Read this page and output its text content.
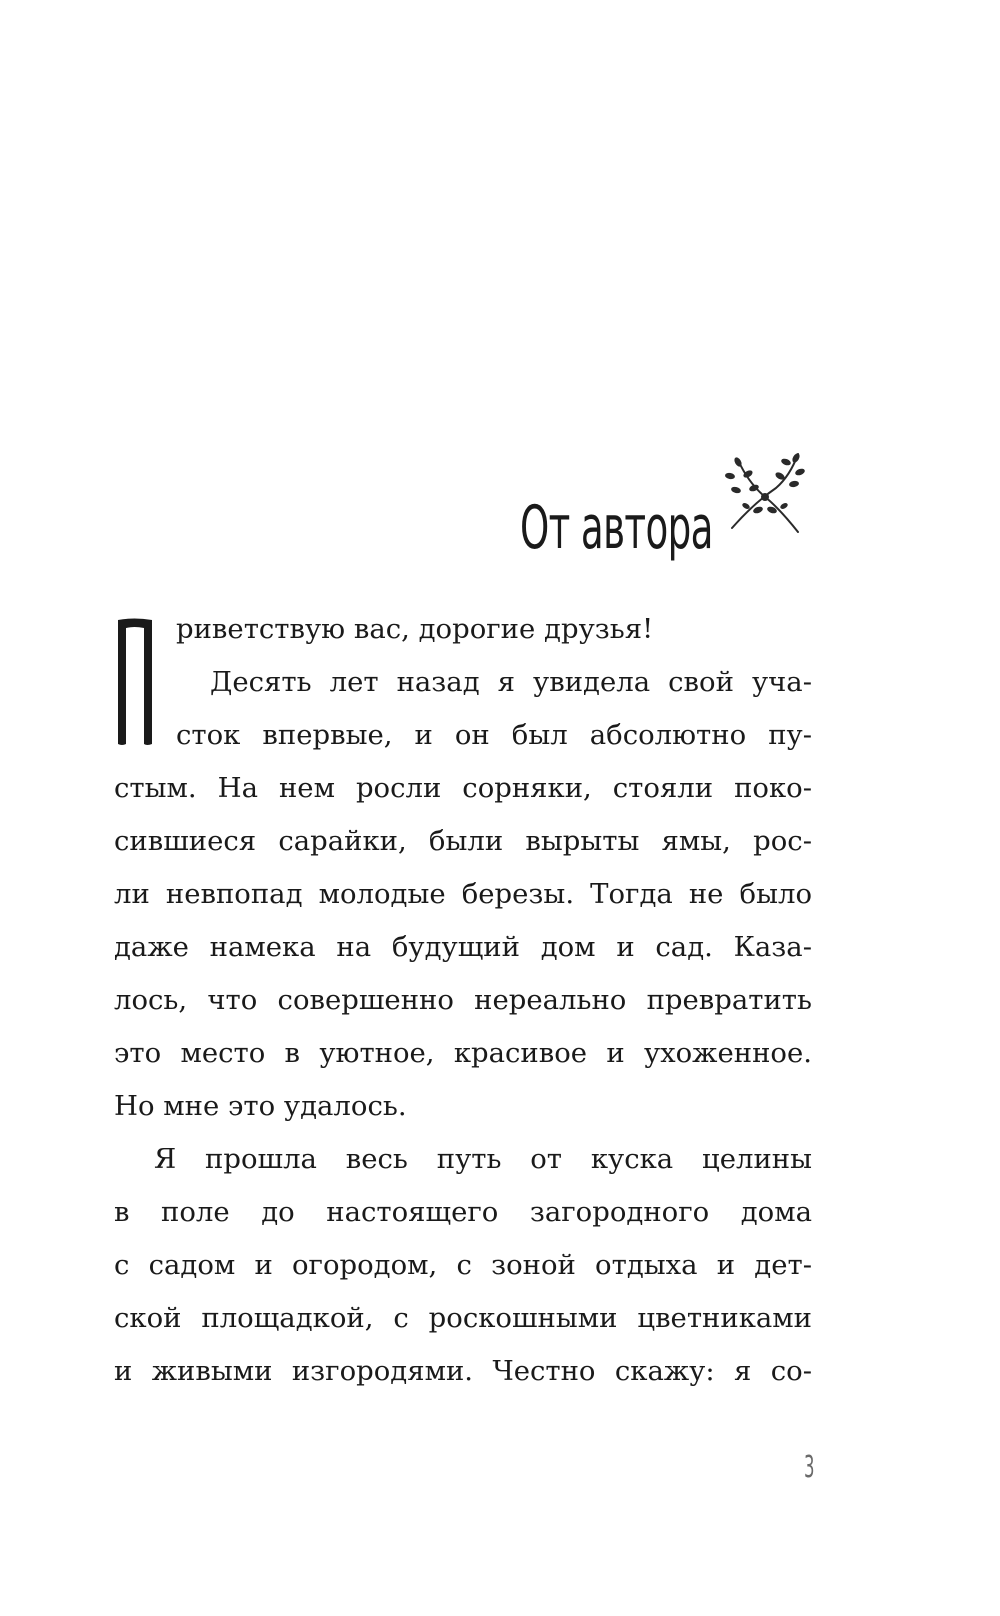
От автора
риветствую вас, дорогие друзья!
Десять лет назад я увидела свой уча-
сток впервые, и он был абсолютно пу-
стым. На нем росли сорняки, стояли поко-
сившиеся сарайки, были вырыты ямы, рос-
ли невпопад молодые березы. Тогда не было
даже намека на будущий дом и сад. Каза-
лось, что совершенно нереально превратить
это место в уютное, красивое и ухоженное.
Но мне это удалось.
Я прошла весь путь от куска целины
в поле до настоящего загородного дома
с садом и огородом, с зоной отдыха и дет-
ской площадкой, с роскошными цветниками
и живыми изгородями. Честно скажу: я со-
3
